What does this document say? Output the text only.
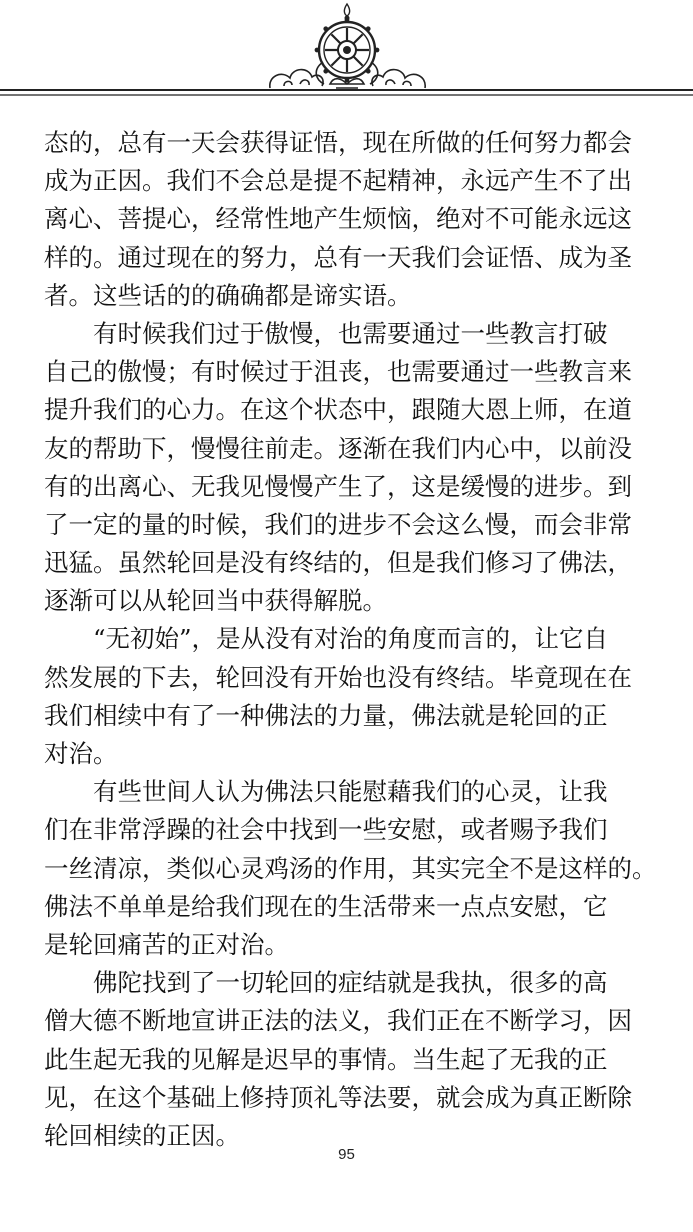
态的，总有一天会获得证悟，现在所做的任何努力都会
成为正因。我们不会总是提不起精神，永远产生不了出
离心、菩提心，经常性地产生烦恼，绝对不可能永远这
样的。通过现在的努力，总有一天我们会证悟、成为圣
者。这些话的的确确都是谛实语。
　　有时候我们过于傲慢，也需要通过一些教言打破
自己的傲慢；有时候过于沮丧，也需要通过一些教言来
提升我们的心力。在这个状态中，跟随大恩上师，在道
友的帮助下，慢慢往前走。逐渐在我们内心中，以前没
有的出离心、无我见慢慢产生了，这是缓慢的进步。到
了一定的量的时候，我们的进步不会这么慢，而会非常
迅猛。虽然轮回是没有终结的，但是我们修习了佛法，
逐渐可以从轮回当中获得解脱。
　　“无初始”，是从没有对治的角度而言的，让它自
然发展的下去，轮回没有开始也没有终结。毕竟现在在
我们相续中有了一种佛法的力量，佛法就是轮回的正
对治。
　　有些世间人认为佛法只能慰藉我们的心灵，让我
们在非常浮躁的社会中找到一些安慰，或者赐予我们
一丝清凉，类似心灵鸡汤的作用，其实完全不是这样的。
佛法不单单是给我们现在的生活带来一点点安慰，它
是轮回痛苦的正对治。
　　佛陀找到了一切轮回的症结就是我执，很多的高
僧大德不断地宣讲正法的法义，我们正在不断学习，因
此生起无我的见解是迟早的事情。当生起了无我的正
见，在这个基础上修持顶礼等法要，就会成为真正断除
轮回相续的正因。
95
